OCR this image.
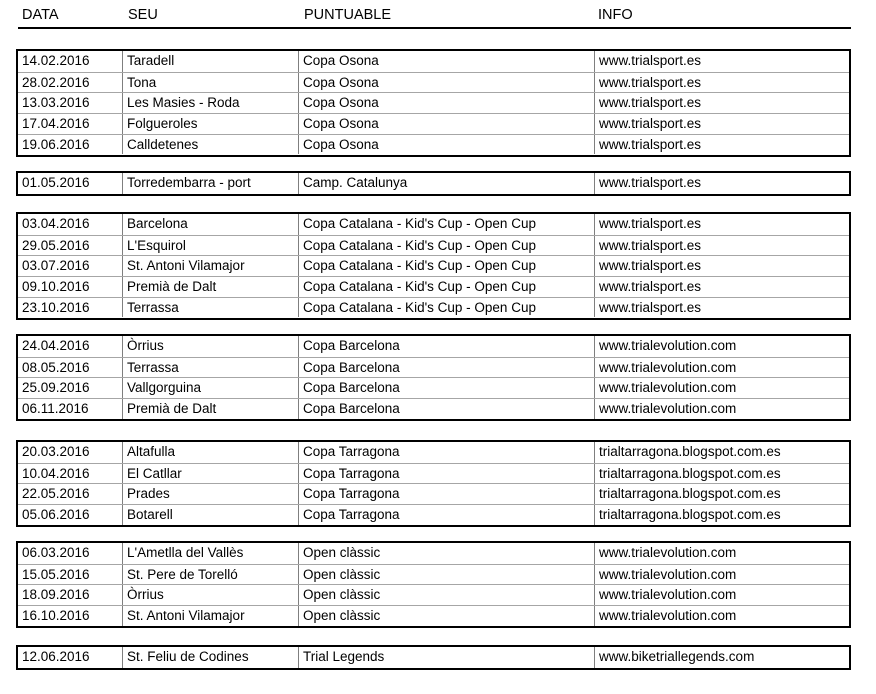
DATA	SEU	PUNTUABLE	INFO
14.02.2016	Taradell	Copa Osona	www.trialsport.es
28.02.2016	Tona	Copa Osona	www.trialsport.es
13.03.2016	Les Masies - Roda	Copa Osona	www.trialsport.es
17.04.2016	Folgueroles	Copa Osona	www.trialsport.es
19.06.2016	Calldetenes	Copa Osona	www.trialsport.es
01.05.2016	Torredembarra - port	Camp. Catalunya	www.trialsport.es
03.04.2016	Barcelona	Copa Catalana - Kid's Cup - Open Cup	www.trialsport.es
29.05.2016	L'Esquirol	Copa Catalana - Kid's Cup - Open Cup	www.trialsport.es
03.07.2016	St. Antoni Vilamajor	Copa Catalana - Kid's Cup - Open Cup	www.trialsport.es
09.10.2016	Premià de Dalt	Copa Catalana - Kid's Cup - Open Cup	www.trialsport.es
23.10.2016	Terrassa	Copa Catalana - Kid's Cup - Open Cup	www.trialsport.es
24.04.2016	Òrrius	Copa Barcelona	www.trialevolution.com
08.05.2016	Terrassa	Copa Barcelona	www.trialevolution.com
25.09.2016	Vallgorguina	Copa Barcelona	www.trialevolution.com
06.11.2016	Premià de Dalt	Copa Barcelona	www.trialevolution.com
20.03.2016	Altafulla	Copa Tarragona	trialtarragona.blogspot.com.es
10.04.2016	El Catllar	Copa Tarragona	trialtarragona.blogspot.com.es
22.05.2016	Prades	Copa Tarragona	trialtarragona.blogspot.com.es
05.06.2016	Botarell	Copa Tarragona	trialtarragona.blogspot.com.es
06.03.2016	L'Ametlla del Vallès	Open clàssic	www.trialevolution.com
15.05.2016	St. Pere de Torelló	Open clàssic	www.trialevolution.com
18.09.2016	Òrrius	Open clàssic	www.trialevolution.com
16.10.2016	St. Antoni Vilamajor	Open clàssic	www.trialevolution.com
12.06.2016	St. Feliu de Codines	Trial Legends	www.biketriallegends.com
